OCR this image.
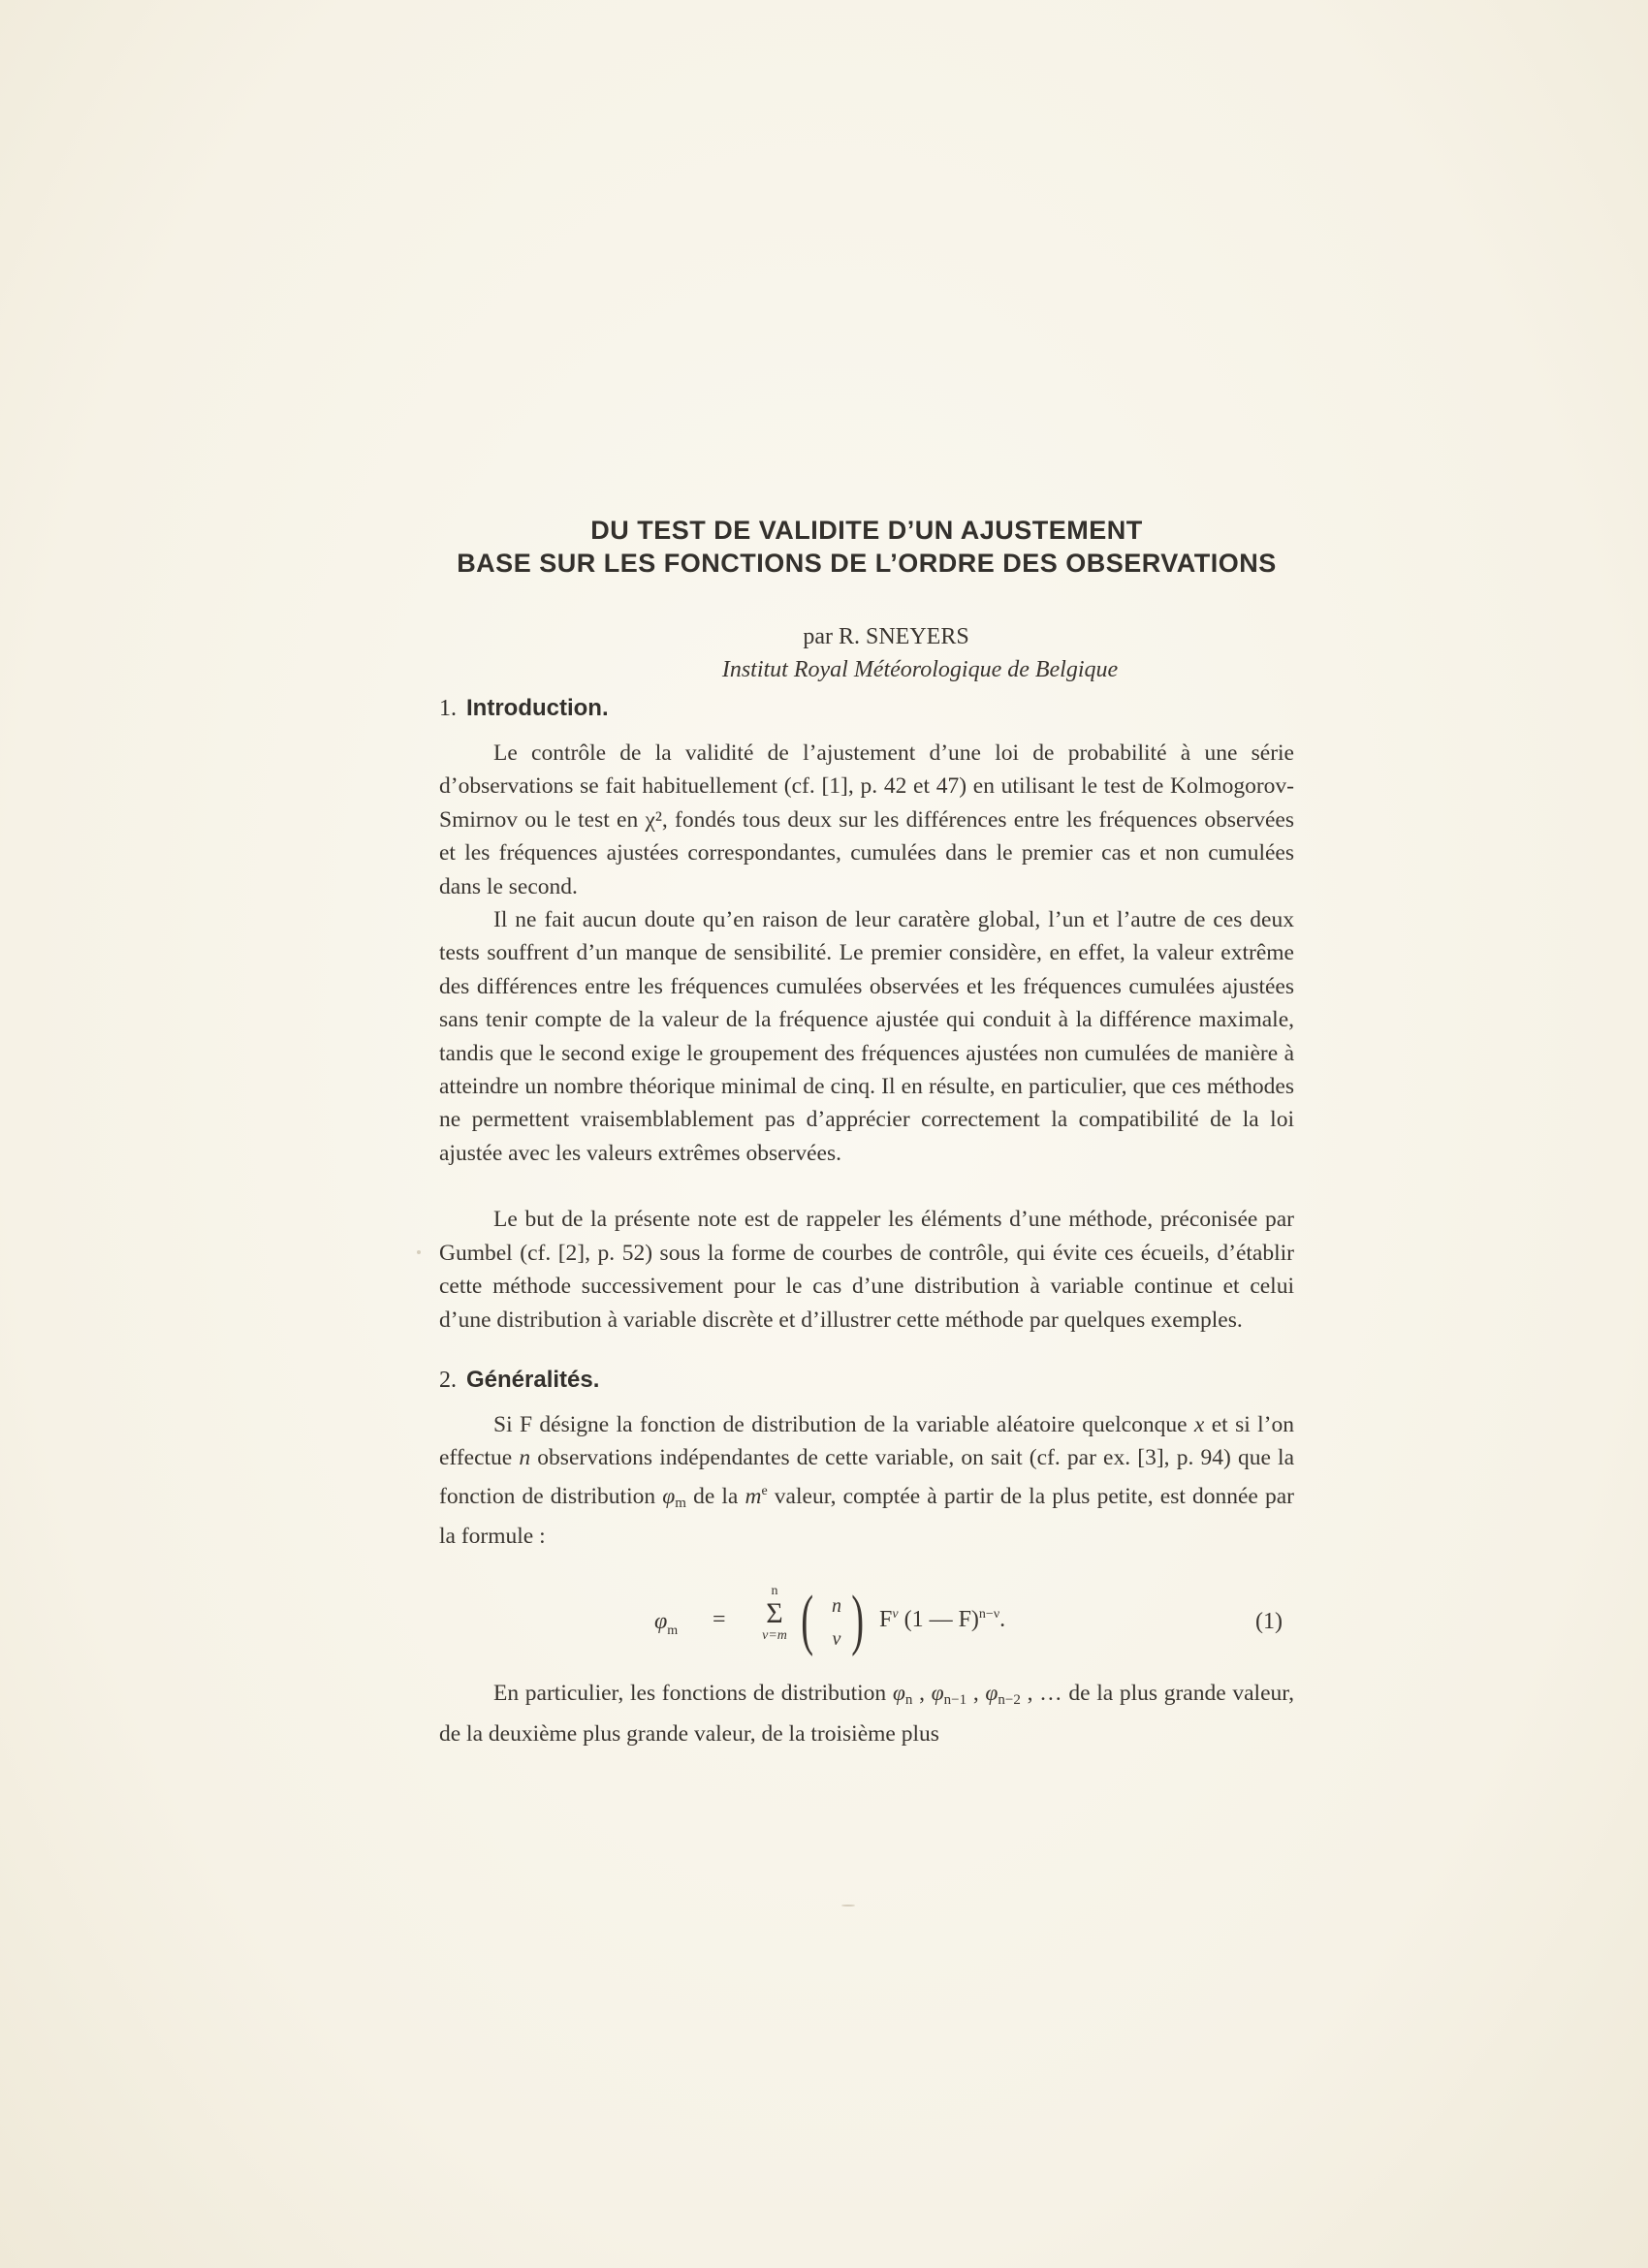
DU TEST DE VALIDITE D’UN AJUSTEMENT

BASE SUR LES FONCTIONS DE L’ORDRE DES OBSERVATIONS

par R. SNEYERS
Institut Royal Météorologique de Belgique
1. Introduction.

Le contrôle de la validité de l’ajustement d’une loi de probabilité à une série d’observations se fait habituellement (cf. [1], p. 42 et 47) en utilisant le test de Kolmogorov-Smirnov ou le test en χ², fondés tous deux sur les différences entre les fréquences observées et les fréquences ajustées correspondantes, cumulées dans le premier cas et non cumulées dans le second.

Il ne fait aucun doute qu’en raison de leur caratère global, l’un et l’autre de ces deux tests souffrent d’un manque de sensibilité. Le premier considère, en effet, la valeur extrême des différences entre les fréquences cumulées observées et les fréquences cumulées ajustées sans tenir compte de la valeur de la fréquence ajustée qui conduit à la différence maximale, tandis que le second exige le groupement des fréquences ajustées non cumulées de manière à atteindre un nombre théorique minimal de cinq. Il en résulte, en particulier, que ces méthodes ne permettent vraisemblablement pas d’apprécier correctement la compatibilité de la loi ajustée avec les valeurs extrêmes observées.

Le but de la présente note est de rappeler les éléments d’une méthode, préconisée par Gumbel (cf. [2], p. 52) sous la forme de courbes de contrôle, qui évite ces écueils, d’établir cette méthode successivement pour le cas d’une distribution à variable continue et celui d’une distribution à variable discrète et d’illustrer cette méthode par quelques exemples.

2. Généralités.

Si F désigne la fonction de distribution de la variable aléatoire quelconque x et si l’on effectue n observations indépendantes de cette variable, on sait (cf. par ex. [3], p. 94) que la fonction de distribution $\varphi_m$ de la $m^e$ valeur, comptée à partir de la plus petite, est donnée par la formule :

$\varphi_m$ =
n
Σ
ν=m ( n
ν ) $F^\nu$ (1 — F)$^{n-\nu}$.	(1)

En particulier, les fonctions de distribution $\varphi_n$ , $\varphi_{n-1}$ , $\varphi_{n-2}$ , … de la plus grande valeur, de la deuxième plus grande valeur, de la troisième plus
